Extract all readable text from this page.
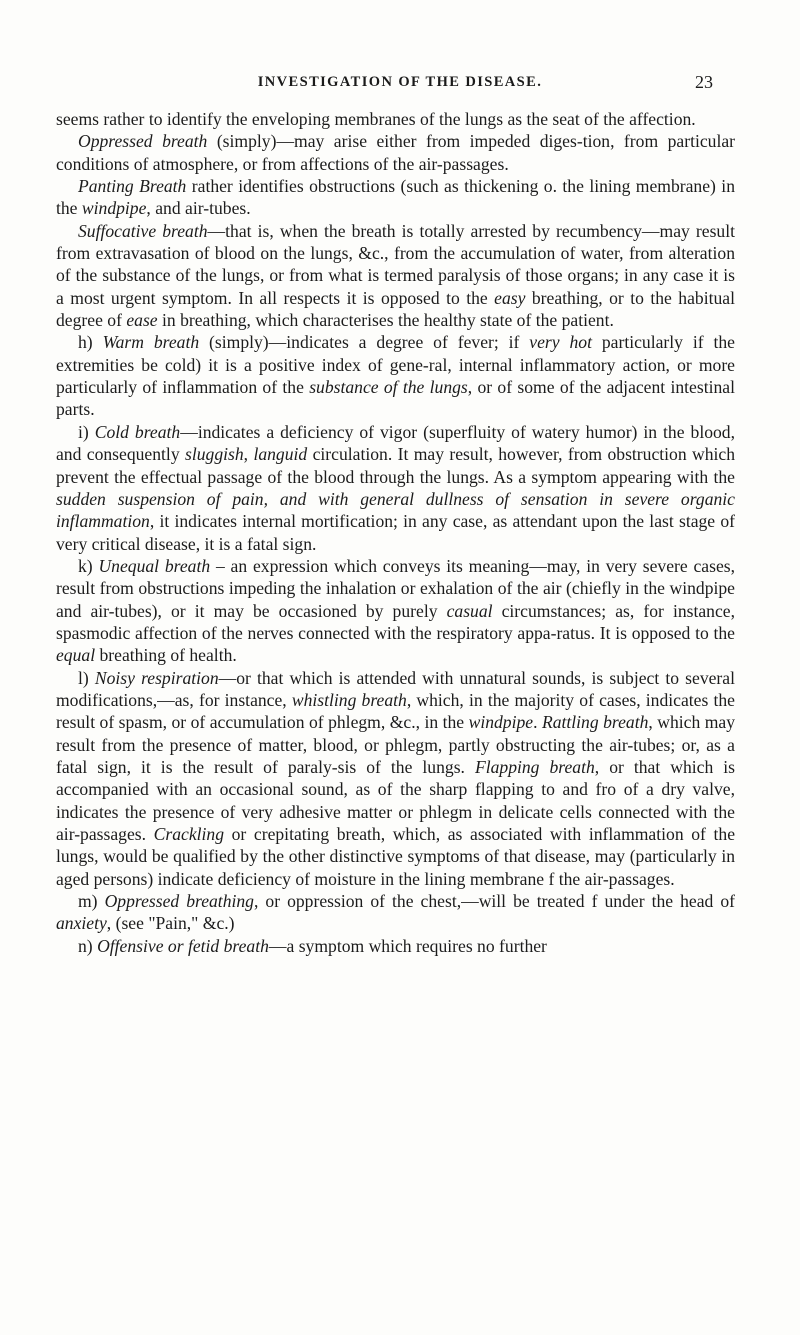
INVESTIGATION OF THE DISEASE.	23

seems rather to identify the enveloping membranes of the lungs as the seat of the affection.

Oppressed breath (simply)—may arise either from impeded diges-tion, from particular conditions of atmosphere, or from affections of the air-passages.

Panting Breath rather identifies obstructions (such as thickening o. the lining membrane) in the windpipe, and air-tubes.

Suffocative breath—that is, when the breath is totally arrested by recumbency—may result from extravasation of blood on the lungs, &c., from the accumulation of water, from alteration of the substance of the lungs, or from what is termed paralysis of those organs; in any case it is a most urgent symptom. In all respects it is opposed to the easy breathing, or to the habitual degree of ease in breathing, which characterises the healthy state of the patient.

h) Warm breath (simply)—indicates a degree of fever; if very hot particularly if the extremities be cold) it is a positive index of gene-ral, internal inflammatory action, or more particularly of inflammation of the substance of the lungs, or of some of the adjacent intestinal parts.

i) Cold breath—indicates a deficiency of vigor (superfluity of watery humor) in the blood, and consequently sluggish, languid circulation. It may result, however, from obstruction which prevent the effectual passage of the blood through the lungs. As a symptom appearing with the sudden suspension of pain, and with general dullness of sensation in severe organic inflammation, it indicates internal mortification; in any case, as attendant upon the last stage of very critical disease, it is a fatal sign.

k) Unequal breath – an expression which conveys its meaning—may, in very severe cases, result from obstructions impeding the inhalation or exhalation of the air (chiefly in the windpipe and air-tubes), or it may be occasioned by purely casual circumstances; as, for instance, spasmodic affection of the nerves connected with the respiratory appa-ratus. It is opposed to the equal breathing of health.

l) Noisy respiration—or that which is attended with unnatural sounds, is subject to several modifications,—as, for instance, whistling breath, which, in the majority of cases, indicates the result of spasm, or of accumulation of phlegm, &c., in the windpipe. Rattling breath, which may result from the presence of matter, blood, or phlegm, partly obstructing the air-tubes; or, as a fatal sign, it is the result of paraly-sis of the lungs. Flapping breath, or that which is accompanied with an occasional sound, as of the sharp flapping to and fro of a dry valve, indicates the presence of very adhesive matter or phlegm in delicate cells connected with the air-passages. Crackling or crepitating breath, which, as associated with inflammation of the lungs, would be qualified by the other distinctive symptoms of that disease, may (particularly in aged persons) indicate deficiency of moisture in the lining membrane f the air-passages.

m) Oppressed breathing, or oppression of the chest,—will be treated f under the head of anxiety, (see "Pain," &c.)

n) Offensive or fetid breath—a symptom which requires no further
